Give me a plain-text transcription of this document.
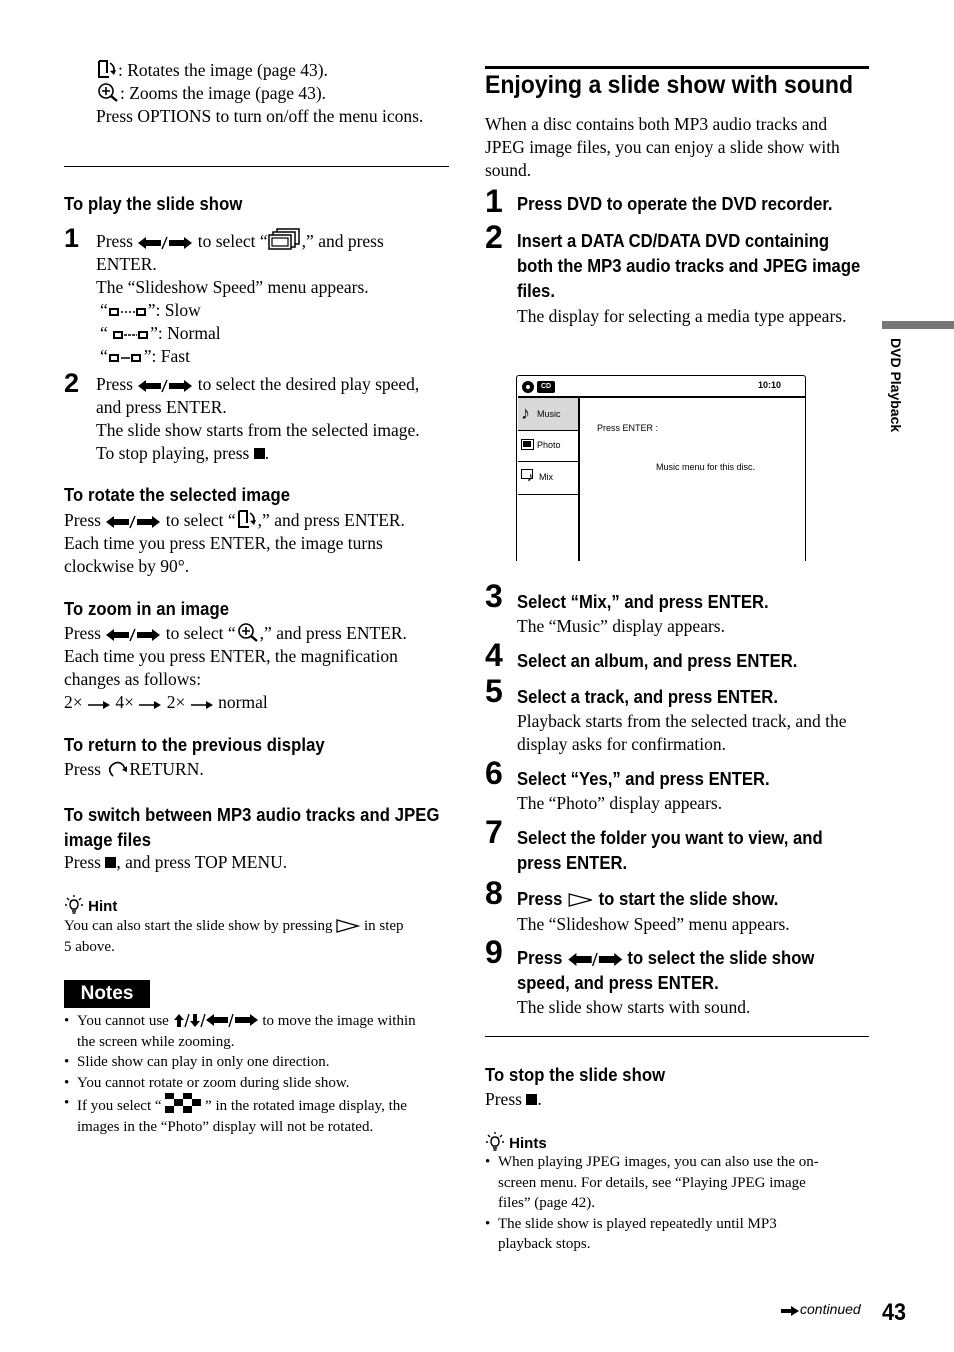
: Rotates the image (page 43).
: Zooms the image (page 43).
Press OPTIONS to turn on/off the menu icons.
To play the slide show
1 Press	to select “ ,” and press
ENTER.
The “Slideshow Speed” menu appears.
“ ”: Slow
“ ”: Normal
“ ”: Fast
2 Press	to select the desired play speed,
and press ENTER.
The slide show starts from the selected image.
To stop playing, press .
To rotate the selected image
Press	to select “ ,” and press ENTER.
Each time you press ENTER, the image turns
clockwise by 90°.
To zoom in an image
Press	to select “ ,” and press ENTER.
Each time you press ENTER, the magnification
changes as follows:
2× 4× 2× normal
To return to the previous display
Press RETURN.
To switch between MP3 audio tracks and JPEG
image files
Press , and press TOP MENU.
Hint
You can also start the slide show by pressing in step
5 above.
Notes
• You cannot use	to move the image within
the screen while zooming.
• Slide show can play in only one direction.
• You cannot rotate or zoom during slide show.
• If you select “	” in the rotated image display, the
images in the “Photo” display will not be rotated.
Enjoying a slide show with sound
When a disc contains both MP3 audio tracks and JPEG image files, you can enjoy a slide show with sound.
1 Press DVD to operate the DVD recorder.
2 Insert a DATA CD/DATA DVD containing both the MP3 audio tracks and JPEG image files.
The display for selecting a media type appears.
CD	10:10
♪ Music
Photo
♪ Mix
Press ENTER :
Music menu for this disc.
3 Select “Mix,” and press ENTER.
The “Music” display appears.
4 Select an album, and press ENTER.
5 Select a track, and press ENTER.
Playback starts from the selected track, and the display asks for confirmation.
6 Select “Yes,” and press ENTER.
The “Photo” display appears.
7 Select the folder you want to view, and press ENTER.
8 Press to start the slide show.
The “Slideshow Speed” menu appears.
9 Press	to select the slide show
speed, and press ENTER.
The slide show starts with sound.
To stop the slide show
Press .
Hints
• When playing JPEG images, you can also use the on-
screen menu. For details, see “Playing JPEG image
files” (page 42).
• The slide show is played repeatedly until MP3
playback stops.
DVD Playback
continued 43
